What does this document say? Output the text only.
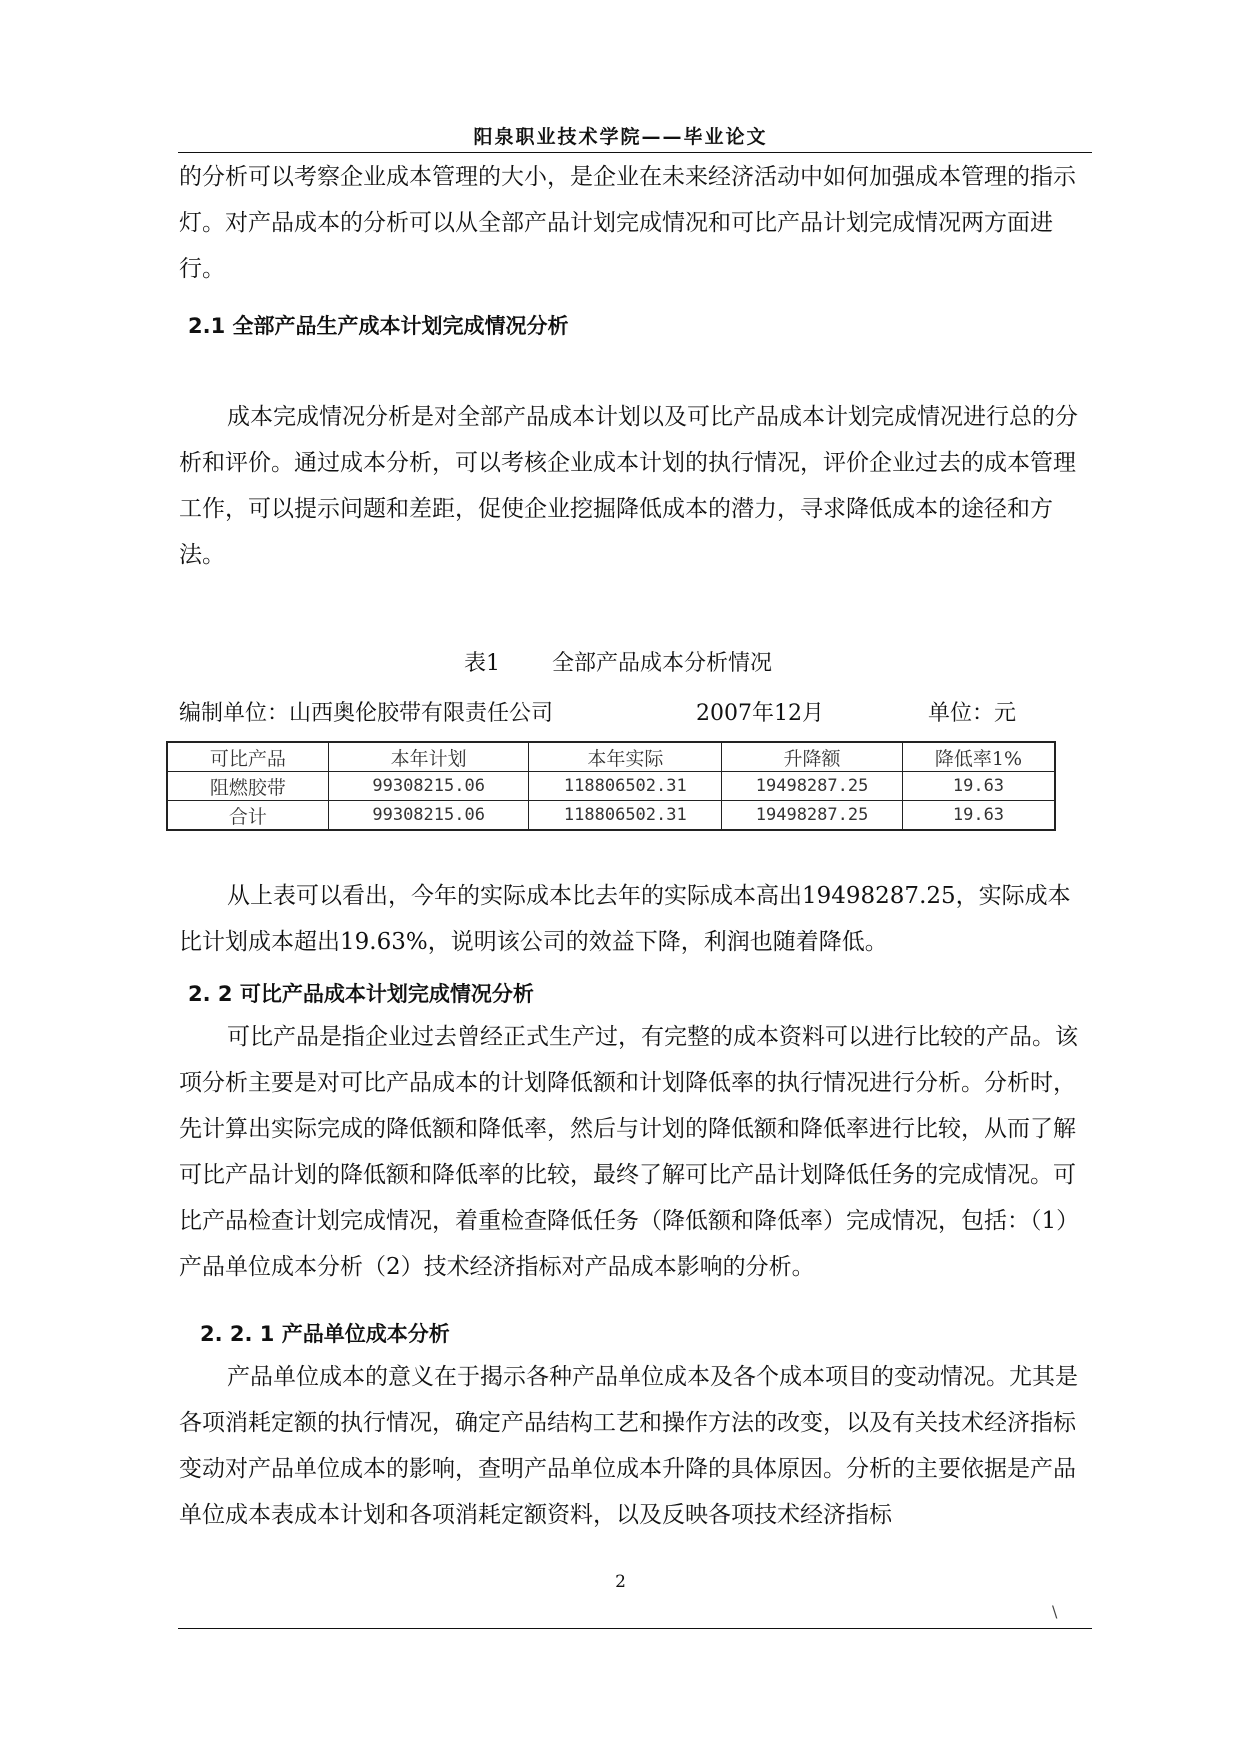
阳泉职业技术学院——毕业论文

的分析可以考察企业成本管理的大小，是企业在未来经济活动中如何加强成本管理的指示灯。对产品成本的分析可以从全部产品计划完成情况和可比产品计划完成情况两方面进行。

2.1 全部产品生产成本计划完成情况分析

成本完成情况分析是对全部产品成本计划以及可比产品成本计划完成情况进行总的分析和评价。通过成本分析，可以考核企业成本计划的执行情况，评价企业过去的成本管理工作，可以提示问题和差距，促使企业挖掘降低成本的潜力，寻求降低成本的途径和方法。

表1 全部产品成本分析情况
编制单位：山西奥伦胶带有限责任公司	2007年12月	单位：元
可比产品	本年计划	本年实际	升降额	降低率1%
阻燃胶带	99308215.06	118806502.31	19498287.25	19.63
合计	99308215.06	118806502.31	19498287.25	19.63

从上表可以看出，今年的实际成本比去年的实际成本高出19498287.25，实际成本比计划成本超出19.63%，说明该公司的效益下降，利润也随着降低。

2. 2 可比产品成本计划完成情况分析

可比产品是指企业过去曾经正式生产过，有完整的成本资料可以进行比较的产品。该项分析主要是对可比产品成本的计划降低额和计划降低率的执行情况进行分析。分析时，先计算出实际完成的降低额和降低率，然后与计划的降低额和降低率进行比较，从而了解可比产品计划的降低额和降低率的比较，最终了解可比产品计划降低任务的完成情况。可比产品检查计划完成情况，着重检查降低任务（降低额和降低率）完成情况，包括：（1）产品单位成本分析（2）技术经济指标对产品成本影响的分析。

2. 2. 1 产品单位成本分析

产品单位成本的意义在于揭示各种产品单位成本及各个成本项目的变动情况。尤其是各项消耗定额的执行情况，确定产品结构工艺和操作方法的改变，以及有关技术经济指标变动对产品单位成本的影响，查明产品单位成本升降的具体原因。分析的主要依据是产品单位成本表成本计划和各项消耗定额资料，以及反映各项技术经济指标

2
\
